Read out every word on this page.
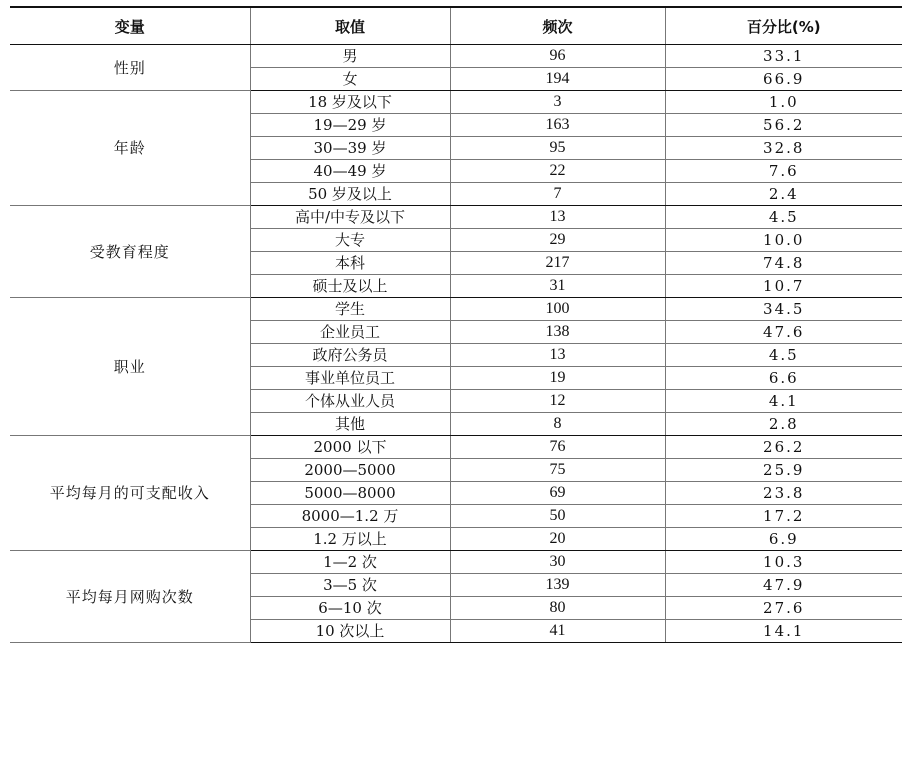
变量	取值	频次	百分比(%)
性别	男	96	33.1
	女	194	66.9
年龄	18 岁及以下	3	1.0
	19—29 岁	163	56.2
	30—39 岁	95	32.8
	40—49 岁	22	7.6
	50 岁及以上	7	2.4
受教育程度	高中/中专及以下	13	4.5
	大专	29	10.0
	本科	217	74.8
	硕士及以上	31	10.7
职业	学生	100	34.5
	企业员工	138	47.6
	政府公务员	13	4.5
	事业单位员工	19	6.6
	个体从业人员	12	4.1
	其他	8	2.8
平均每月的可支配收入	2000 以下	76	26.2
	2000—5000	75	25.9
	5000—8000	69	23.8
	8000—1.2 万	50	17.2
	1.2 万以上	20	6.9
平均每月网购次数	1—2 次	30	10.3
	3—5 次	139	47.9
	6—10 次	80	27.6
	10 次以上	41	14.1
